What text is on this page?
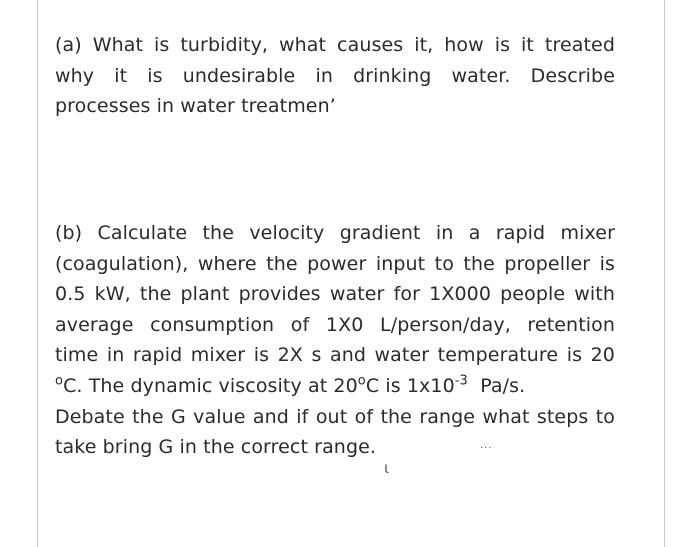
(a) What is turbidity, what causes it, how is it treated
why it is undesirable in drinking water. Describe
processes in water treatmen’

(b) Calculate the velocity gradient in a rapid mixer
(coagulation), where the power input to the propeller is
0.5 kW, the plant provides water for 1X000 people with
average consumption of 1X0 L/person/day, retention
time in rapid mixer is 2X s and water temperature is 20
$^o$C. The dynamic viscosity at 20$^o$C is $1x10^{-3}$  Pa/s.
Debate the G value and if out of the range what steps to
take bring G in the correct range.

ɩ
···
